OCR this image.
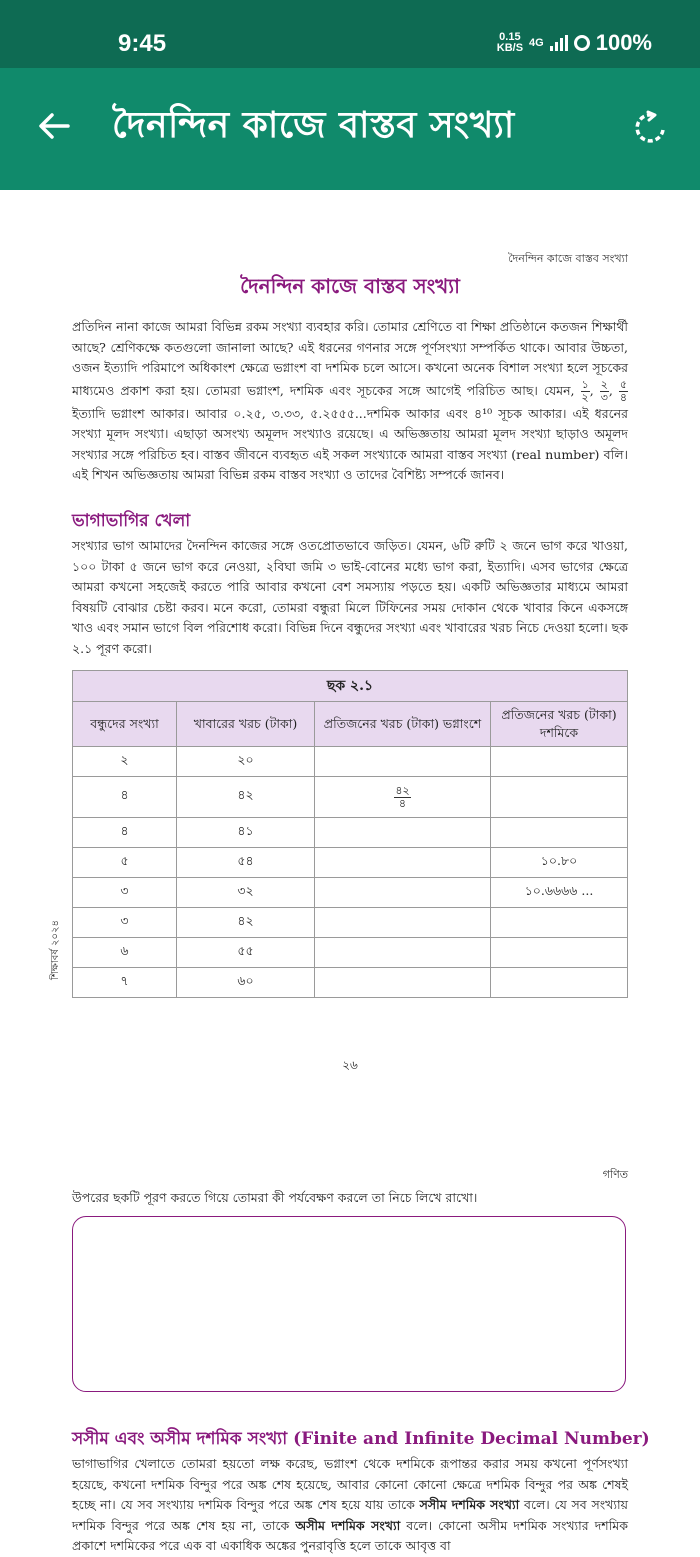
9:45	0.15
KB/S 4G 100%
দৈনন্দিন কাজে বাস্তব সংখ্যা
দৈনন্দিন কাজে বাস্তব সংখ্যা
দৈনন্দিন কাজে বাস্তব সংখ্যা
প্রতিদিন নানা কাজে আমরা বিভিন্ন রকম সংখ্যা ব্যবহার করি। তোমার শ্রেণিতে বা শিক্ষা প্রতিষ্ঠানে কতজন শিক্ষার্থী আছে? শ্রেণিকক্ষে কতগুলো জানালা আছে? এই ধরনের গণনার সঙ্গে পূর্ণসংখ্যা সম্পর্কিত থাকে। আবার উচ্চতা, ওজন ইত্যাদি পরিমাপে অধিকাংশ ক্ষেত্রে ভগ্নাংশ বা দশমিক চলে আসে। কখনো অনেক বিশাল সংখ্যা হলে সূচকের মাধ্যমেও প্রকাশ করা হয়। তোমরা ভগ্নাংশ, দশমিক এবং সূচকের সঙ্গে আগেই পরিচিত আছ। যেমন, $\frac{১}{২}$ , $\frac{২}{৩}$ , $\frac{৫}{৪}$
ইত্যাদি ভগ্নাংশ আকার। আবার ০.২৫, ৩.৩৩, ৫.২৫৫৫...দশমিক আকার এবং ৪¹⁰ সূচক আকার। এই ধরনের সংখ্যা মূলদ সংখ্যা। এছাড়া অসংখ্য অমূলদ সংখ্যাও রয়েছে। এ অভিজ্ঞতায় আমরা মূলদ সংখ্যা ছাড়াও অমূলদ সংখ্যার সঙ্গে পরিচিত হব। বাস্তব জীবনে ব্যবহৃত এই সকল সংখ্যাকে আমরা বাস্তব সংখ্যা (real number) বলি। এই শিখন অভিজ্ঞতায় আমরা বিভিন্ন রকম বাস্তব সংখ্যা ও তাদের বৈশিষ্ট্য সম্পর্কে জানব।
ভাগাভাগির খেলা
সংখ্যার ভাগ আমাদের দৈনন্দিন কাজের সঙ্গে ওতপ্রোতভাবে জড়িত। যেমন, ৬টি রুটি ২ জনে ভাগ করে খাওয়া, ১০০ টাকা ৫ জনে ভাগ করে নেওয়া, ২বিঘা জমি ৩ ভাই-বোনের মধ্যে ভাগ করা, ইত্যাদি। এসব ভাগের ক্ষেত্রে আমরা কখনো সহজেই করতে পারি আবার কখনো বেশ সমস্যায় পড়তে হয়। একটি অভিজ্ঞতার মাধ্যমে আমরা বিষয়টি বোঝার চেষ্টা করব। মনে করো, তোমরা বন্ধুরা মিলে টিফিনের সময় দোকান থেকে খাবার কিনে একসঙ্গে খাও এবং সমান ভাগে বিল পরিশোধ করো। বিভিন্ন দিনে বন্ধুদের সংখ্যা এবং খাবারের খরচ নিচে দেওয়া হলো। ছক ২.১ পূরণ করো।
ছক ২.১			
বন্ধুদের সংখ্যা	খাবারের খরচ (টাকা)	প্রতিজনের খরচ (টাকা) ভগ্নাংশে	প্রতিজনের খরচ (টাকা) দশমিকে
২	২০		
৪	৪২	$\frac{৪২}{৪}$

৪	৪১		
৫	৫৪		১০.৮০
৩	৩২		১০.৬৬৬৬ ...
৩	৪২		
৬	৫৫		
৭	৬০		
শিক্ষাবর্ষ ২০২৪
২৬
গণিত
উপরের ছকটি পূরণ করতে গিয়ে তোমরা কী পর্যবেক্ষণ করলে তা নিচে লিখে রাখো।
সসীম এবং অসীম দশমিক সংখ্যা (Finite and Infinite Decimal Number)
ভাগাভাগির খেলাতে তোমরা হয়তো লক্ষ করেছ, ভগ্নাংশ থেকে দশমিকে রূপান্তর করার সময় কখনো পূর্ণসংখ্যা হয়েছে, কখনো দশমিক বিন্দুর পরে অঙ্ক শেষ হয়েছে, আবার কোনো কোনো ক্ষেত্রে দশমিক বিন্দুর পর অঙ্ক শেষই হচ্ছে না। যে সব সংখ্যায় দশমিক বিন্দুর পরে অঙ্ক শেষ হয়ে যায় তাকে সসীম দশমিক সংখ্যা বলে। যে সব সংখ্যায় দশমিক বিন্দুর পরে অঙ্ক শেষ হয় না, তাকে অসীম দশমিক সংখ্যা বলে। কোনো অসীম দশমিক সংখ্যার দশমিক প্রকাশে দশমিকের পরে এক বা একাধিক অঙ্কের পুনরাবৃত্তি হলে তাকে আবৃত্ত বা
